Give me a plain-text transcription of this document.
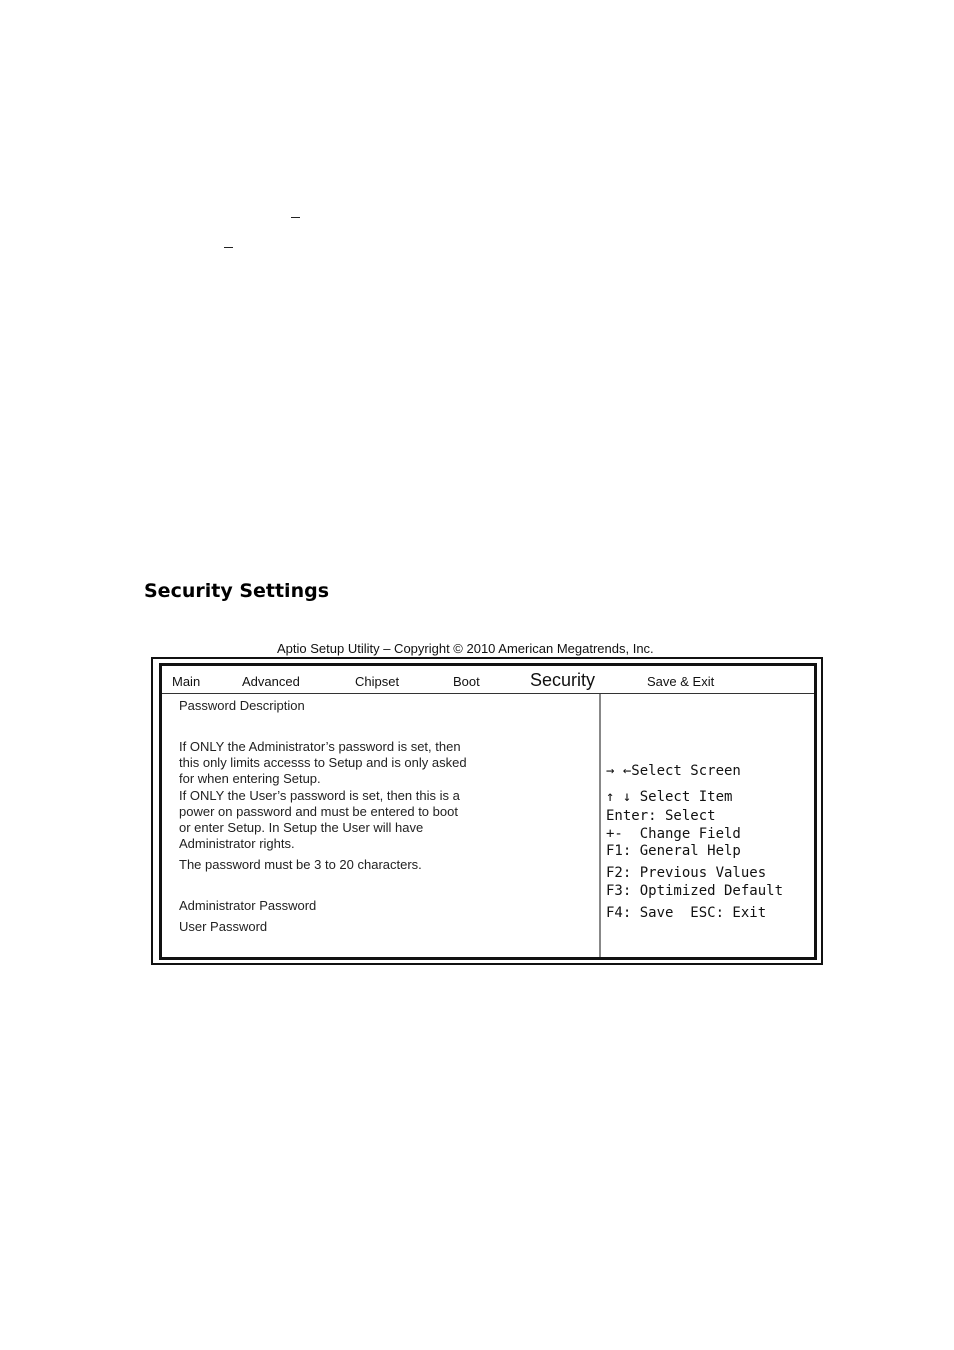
Security Settings
Aptio Setup Utility – Copyright © 2010 American Megatrends, Inc.
Main	Advanced	Chipset	Boot	Security	Save & Exit
Password Description
If ONLY the Administrator’s password is set, then
this only limits accesss to Setup and is only asked
for when entering Setup.
If ONLY the User’s password is set, then this is a
power on password and must be entered to boot
or enter Setup. In Setup the User will have
Administrator rights.
The password must be 3 to 20 characters.
Administrator Password
User Password
→ ←Select Screen
↑ ↓ Select Item
Enter: Select
+-  Change Field
F1: General Help
F2: Previous Values
F3: Optimized Default
F4: Save  ESC: Exit
